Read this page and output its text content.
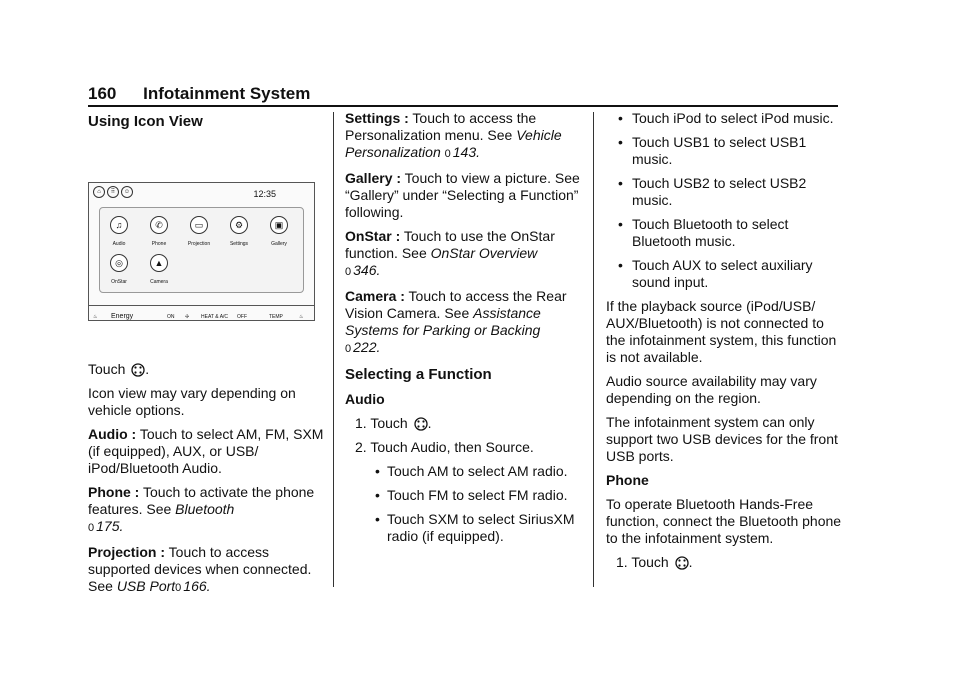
160 Infotainment System
Using Icon View
⌂	⠿	☺	12:35
♫
Audio
✆
Phone
▭
Projection
⚙
Settings
▣
Gallery
◎
OnStar
▲
Camera
♨ Energy	ON ✢ HEAT & A/C OFF	TEMP	♨

Touch .

Icon view may vary depending on vehicle options.

Audio : Touch to select AM, FM, SXM (if equipped), AUX, or USB/ iPod/Bluetooth Audio.

Phone : Touch to activate the phone features. See Bluetooth
0 175.

Projection : Touch to access supported devices when connected. See USB Port0 166.

Settings : Touch to access the Personalization menu. See Vehicle Personalization 0 143.

Gallery : Touch to view a picture. See “Gallery” under “Selecting a Function” following.

OnStar : Touch to use the OnStar function. See OnStar Overview
0 346.

Camera : Touch to access the Rear Vision Camera. See Assistance Systems for Parking or Backing
0 222.

Selecting a Function

Audio

1. Touch .

2. Touch Audio, then Source.

• Touch AM to select AM radio.
• Touch FM to select FM radio.
• Touch SXM to select SiriusXM radio (if equipped).
• Touch iPod to select iPod music.
• Touch USB1 to select USB1 music.
• Touch USB2 to select USB2 music.
• Touch Bluetooth to select Bluetooth music.
• Touch AUX to select auxiliary sound input.

If the playback source (iPod/USB/ AUX/Bluetooth) is not connected to the infotainment system, this function is not available.

Audio source availability may vary depending on the region.

The infotainment system can only support two USB devices for the front USB ports.

Phone

To operate Bluetooth Hands-Free function, connect the Bluetooth phone to the infotainment system.

1. Touch .
